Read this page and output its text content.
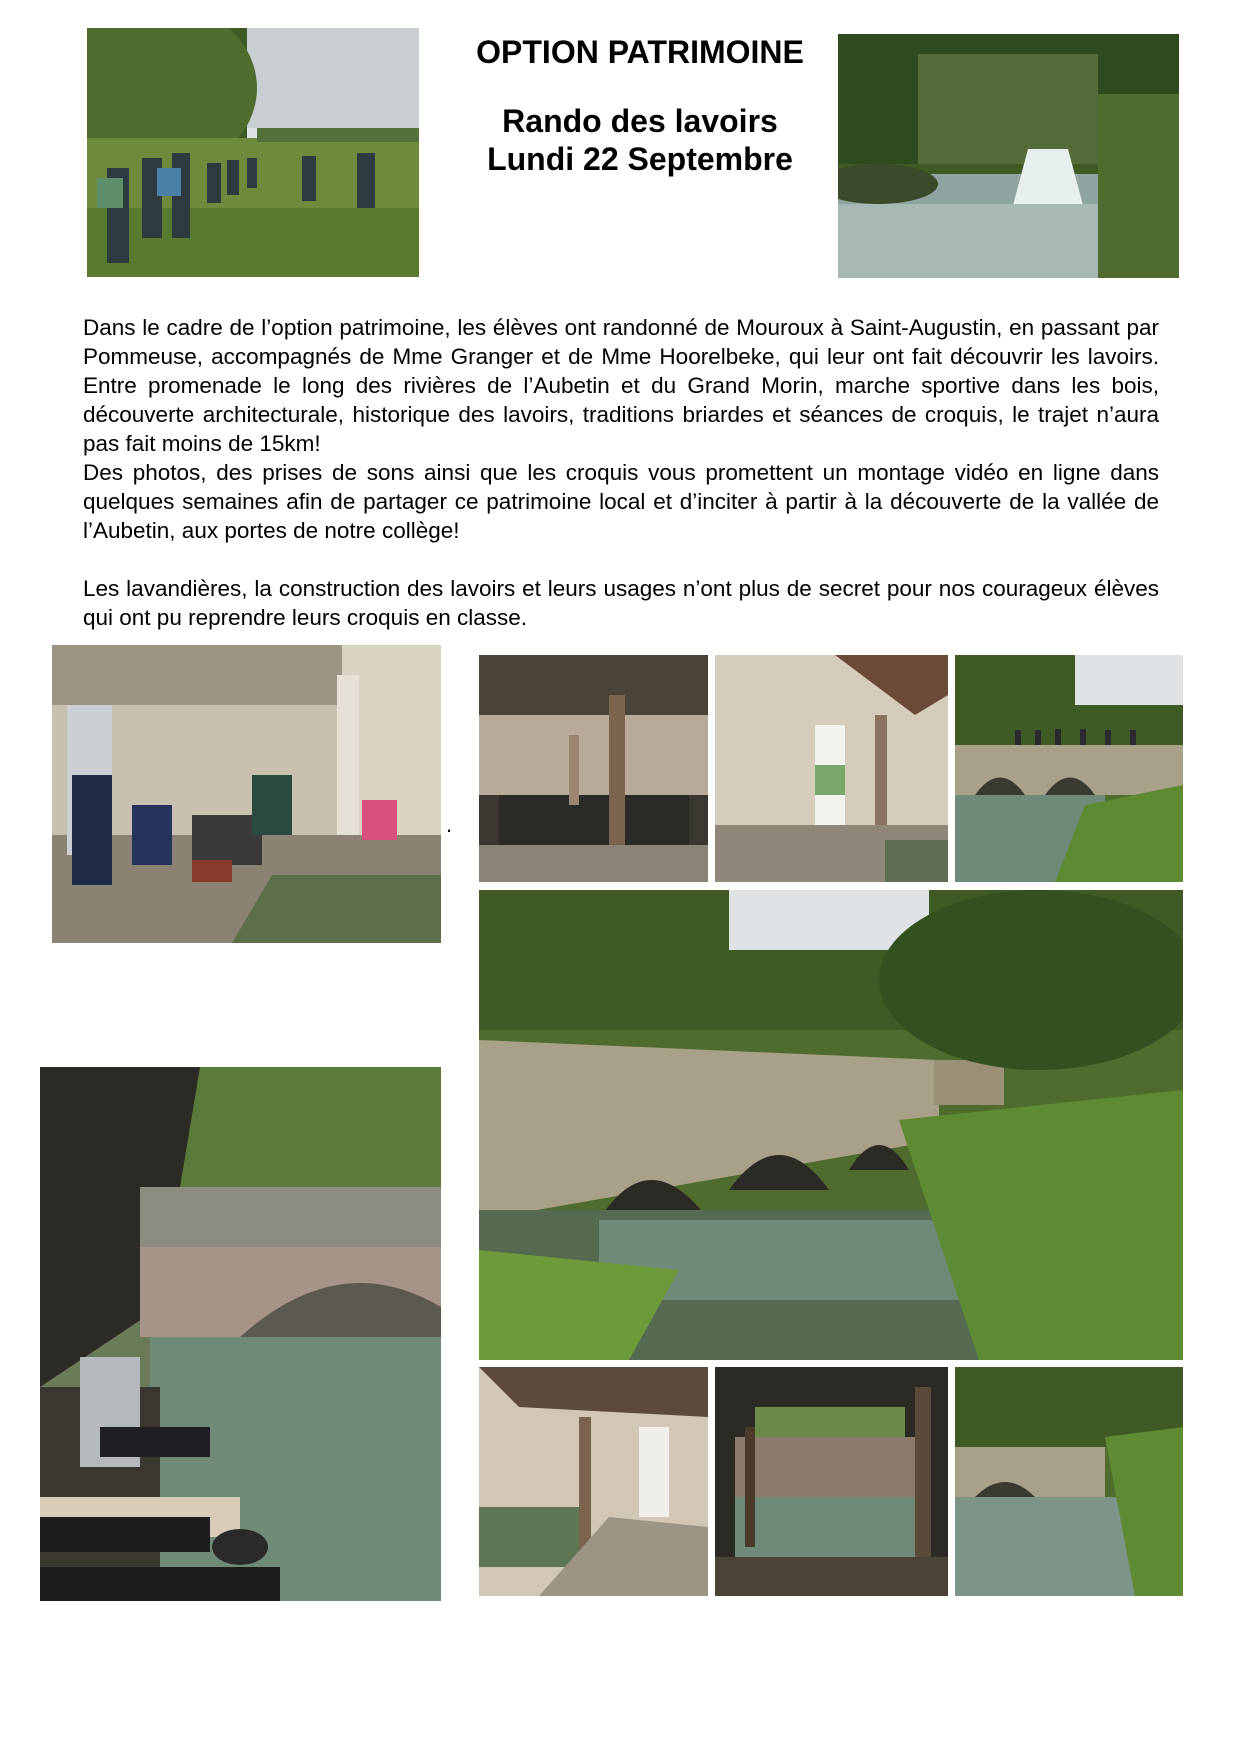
OPTION PATRIMOINE
Rando des lavoirs
Lundi 22 Septembre

Dans le cadre de l’option patrimoine, les élèves ont randonné de Mouroux à Saint-Augustin, en passant par Pommeuse, accompagnés de Mme Granger et de Mme Hoorelbeke, qui leur ont fait découvrir les lavoirs. Entre promenade le long des rivières de l’Aubetin et du Grand Morin, marche sportive dans les bois, découverte architecturale, historique des lavoirs, traditions briardes et séances de croquis, le trajet n’aura pas fait moins de 15km!

Des photos, des prises de sons ainsi que les croquis vous promettent un montage vidéo en ligne dans quelques semaines afin de partager ce patrimoine local et d’inciter à partir à la découverte de la vallée de l’Aubetin, aux portes de notre collège!

Les lavandières, la construction des lavoirs et leurs usages n’ont plus de secret pour nos courageux élèves qui ont pu reprendre leurs croquis en classe.

.
